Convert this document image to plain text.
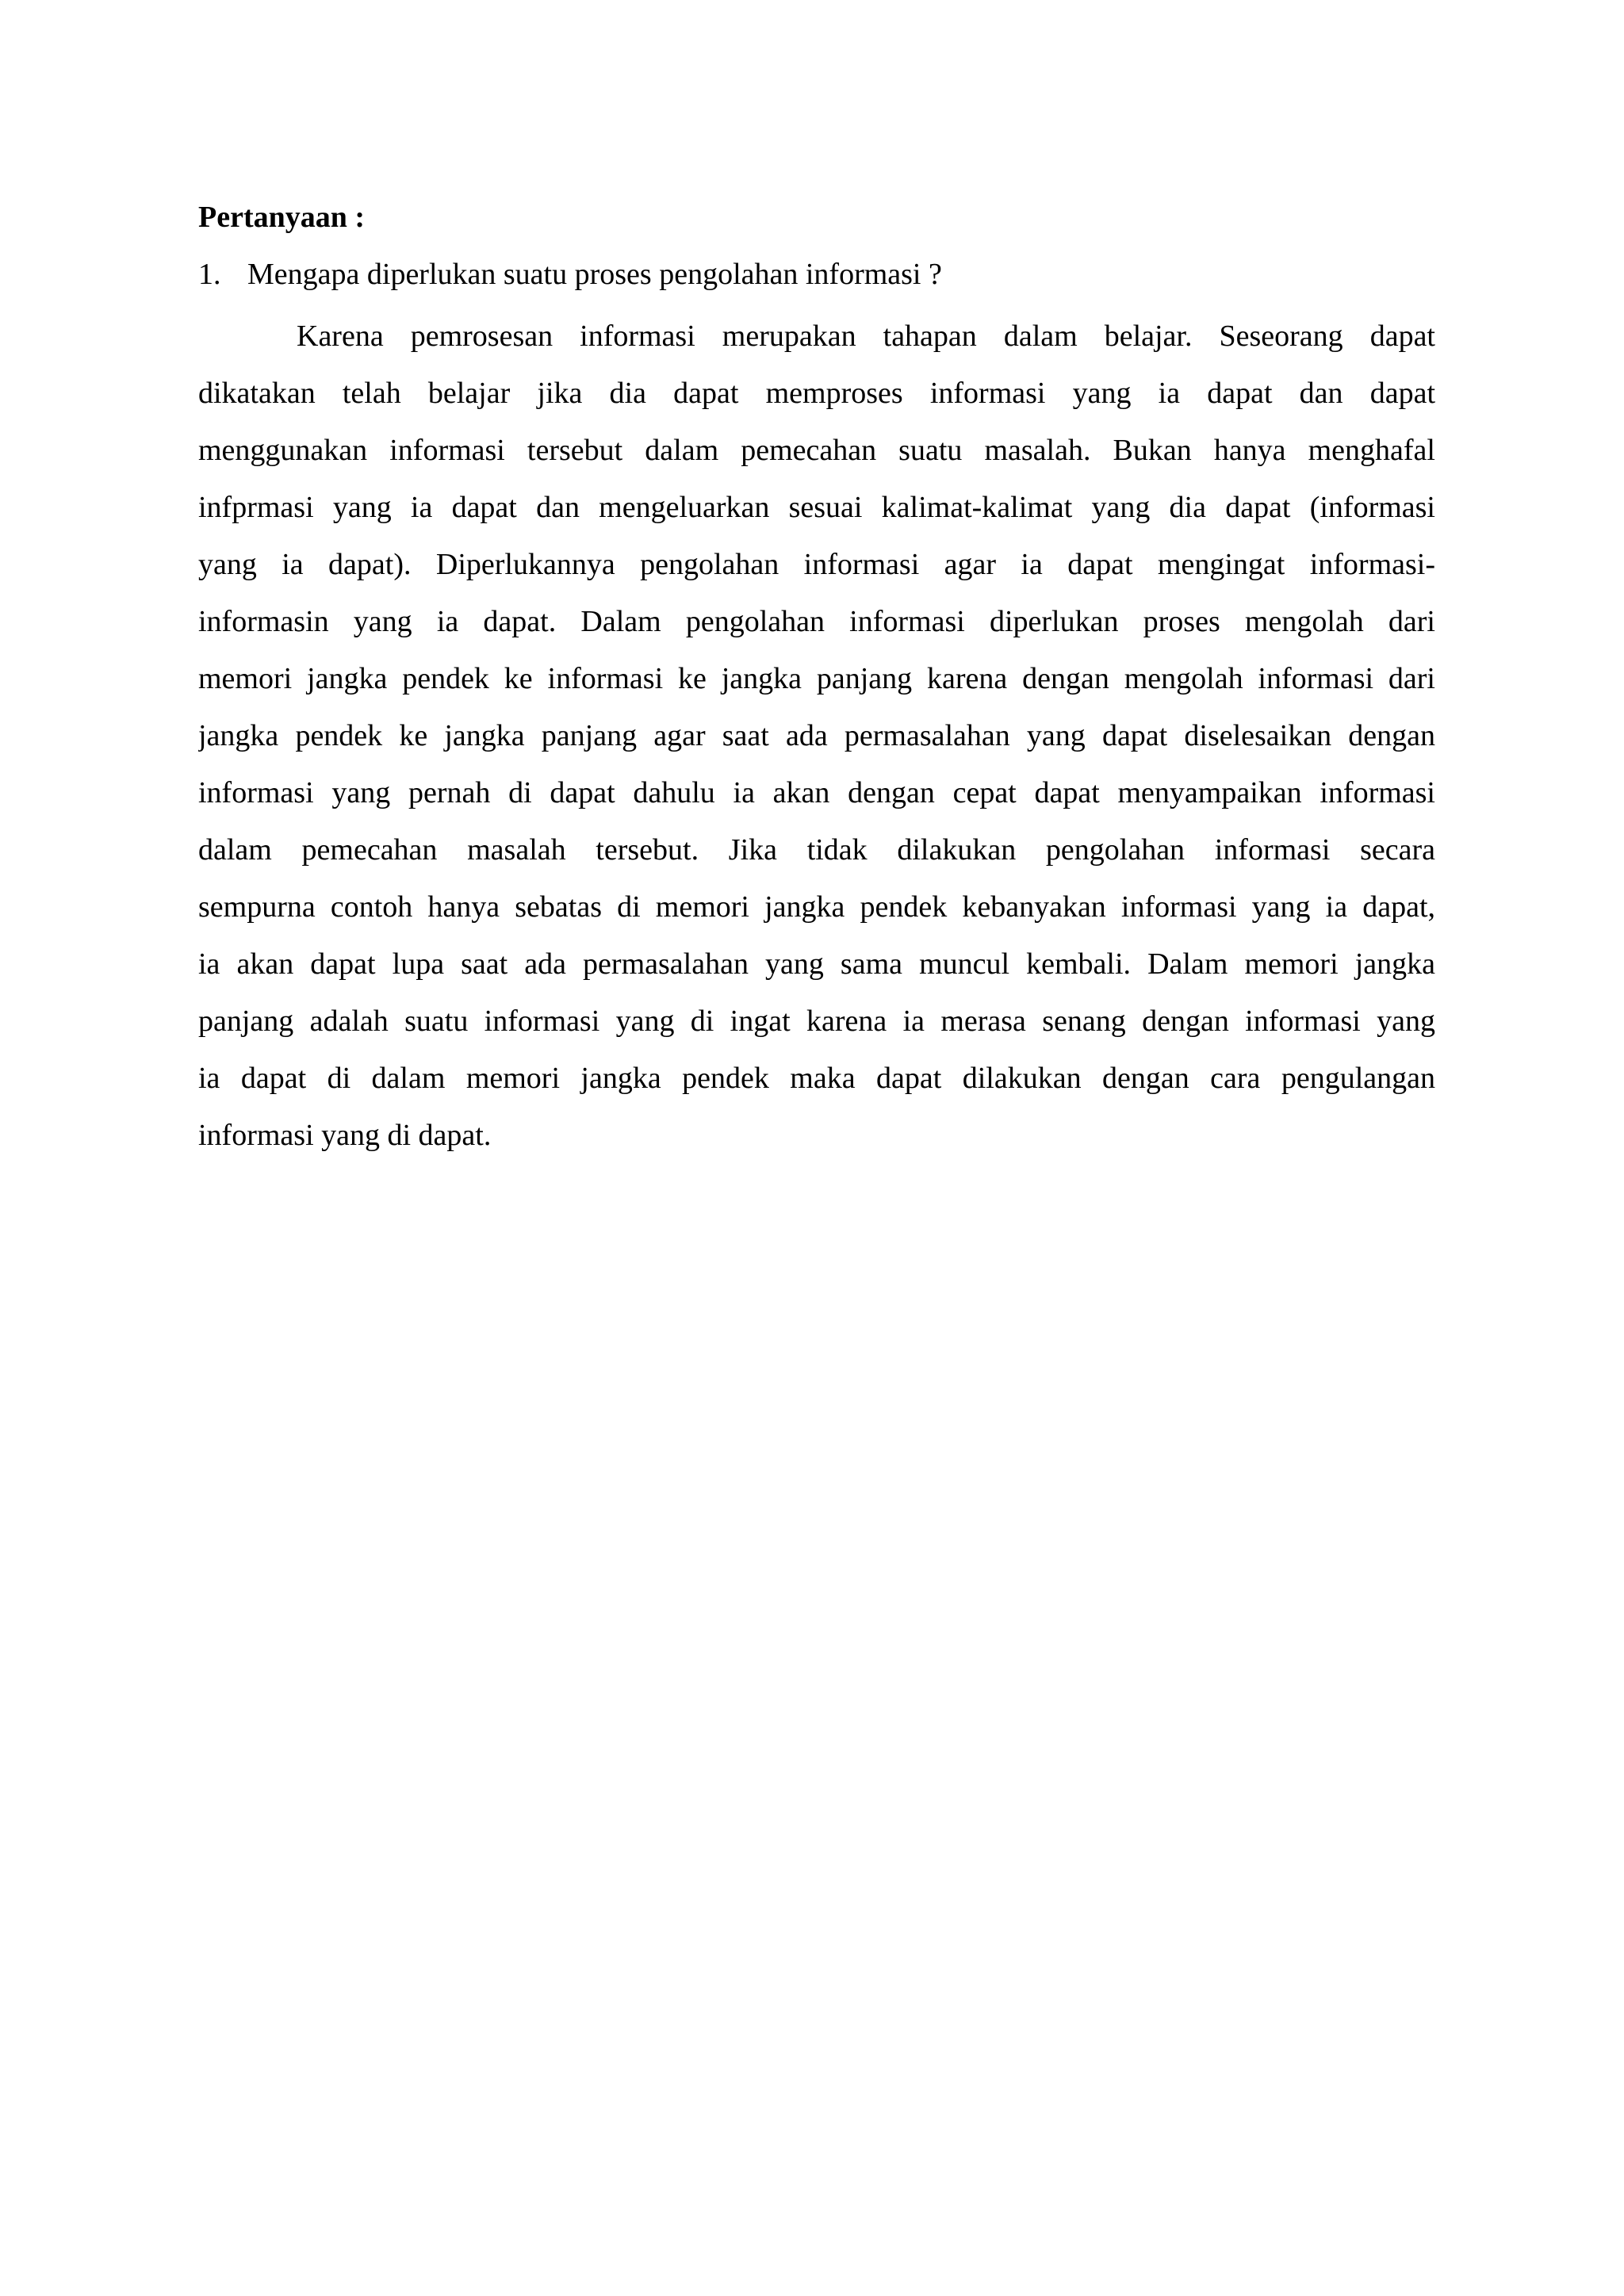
Pertanyaan :

1. Mengapa diperlukan suatu proses pengolahan informasi ?

Karena pemrosesan informasi merupakan tahapan dalam belajar. Seseorang dapat
dikatakan telah belajar jika dia dapat memproses informasi yang ia dapat dan dapat
menggunakan informasi tersebut dalam pemecahan suatu masalah. Bukan hanya menghafal
infprmasi yang ia dapat dan mengeluarkan sesuai kalimat-kalimat yang dia dapat (informasi
yang ia dapat). Diperlukannya pengolahan informasi agar ia dapat mengingat informasi-
informasin yang ia dapat. Dalam pengolahan informasi diperlukan proses mengolah dari
memori jangka pendek ke informasi ke jangka panjang karena dengan mengolah informasi dari
jangka pendek ke jangka panjang agar saat ada permasalahan yang dapat diselesaikan dengan
informasi yang pernah di dapat dahulu ia akan dengan cepat dapat menyampaikan informasi
dalam pemecahan masalah tersebut. Jika tidak dilakukan pengolahan informasi secara
sempurna contoh hanya sebatas di memori jangka pendek kebanyakan informasi yang ia dapat,
ia akan dapat lupa saat ada permasalahan yang sama muncul kembali. Dalam memori jangka
panjang adalah suatu informasi yang di ingat karena ia merasa senang dengan informasi yang
ia dapat di dalam memori jangka pendek maka dapat dilakukan dengan cara pengulangan
informasi yang di dapat.
